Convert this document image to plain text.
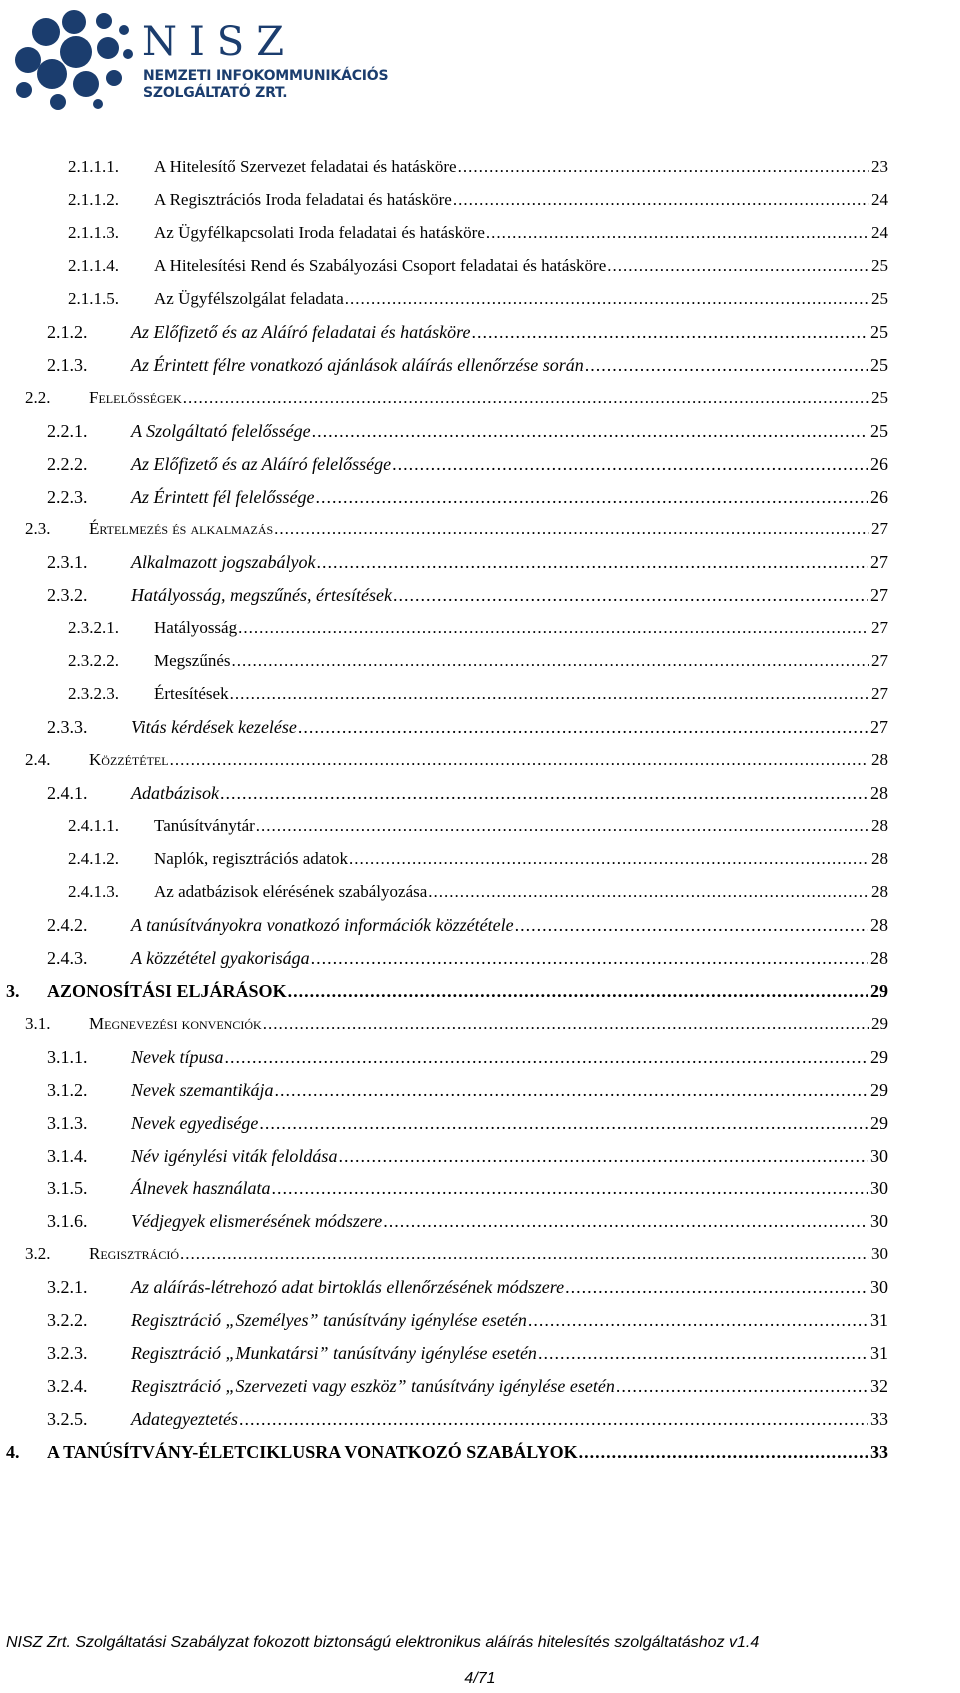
NISZ
NEMZETI INFOKOMMUNIKÁCIÓS
SZOLGÁLTATÓ ZRT.
2.1.1.1. A Hitelesítő Szervezet feladatai és hatásköre .....	23
2.1.1.2. A Regisztrációs Iroda feladatai és hatásköre .....	24
2.1.1.3. Az Ügyfélkapcsolati Iroda feladatai és hatásköre .....	24
2.1.1.4. A Hitelesítési Rend és Szabályozási Csoport feladatai és hatásköre .....	25
2.1.1.5. Az Ügyfélszolgálat feladata .....	25
2.1.2. Az Előfizető és az Aláíró feladatai és hatásköre .....	25
2.1.3. Az Érintett félre vonatkozó ajánlások aláírás ellenőrzése során .....	25
2.2. Felelősségek .....	25
2.2.1. A Szolgáltató felelőssége .....	25
2.2.2. Az Előfizető és az Aláíró felelőssége .....	26
2.2.3. Az Érintett fél felelőssége .....	26
2.3. Értelmezés és alkalmazás .....	27
2.3.1. Alkalmazott jogszabályok .....	27
2.3.2. Hatályosság, megszűnés, értesítések .....	27
2.3.2.1. Hatályosság .....	27
2.3.2.2. Megszűnés .....	27
2.3.2.3. Értesítések .....	27
2.3.3. Vitás kérdések kezelése .....	27
2.4. Közzététel .....	28
2.4.1. Adatbázisok .....	28
2.4.1.1. Tanúsítványtár .....	28
2.4.1.2. Naplók, regisztrációs adatok .....	28
2.4.1.3. Az adatbázisok elérésének szabályozása .....	28
2.4.2. A tanúsítványokra vonatkozó információk közzététele .....	28
2.4.3. A közzététel gyakorisága .....	28
3. AZONOSÍTÁSI ELJÁRÁSOK .....	29
3.1. Megnevezési konvenciók .....	29
3.1.1. Nevek típusa .....	29
3.1.2. Nevek szemantikája .....	29
3.1.3. Nevek egyedisége .....	29
3.1.4. Név igénylési viták feloldása .....	30
3.1.5. Álnevek használata .....	30
3.1.6. Védjegyek elismerésének módszere .....	30
3.2. Regisztráció .....	30
3.2.1. Az aláírás-létrehozó adat birtoklás ellenőrzésének módszere .....	30
3.2.2. Regisztráció „Személyes” tanúsítvány igénylése esetén .....	31
3.2.3. Regisztráció „Munkatársi” tanúsítvány igénylése esetén .....	31
3.2.4. Regisztráció „Szervezeti vagy eszköz” tanúsítvány igénylése esetén .....	32
3.2.5. Adategyeztetés .....	33
4. A TANÚSÍTVÁNY-ÉLETCIKLUSRA VONATKOZÓ SZABÁLYOK .....	33
NISZ Zrt. Szolgáltatási Szabályzat fokozott biztonságú elektronikus aláírás hitelesítés szolgáltatáshoz v1.4
4/71
